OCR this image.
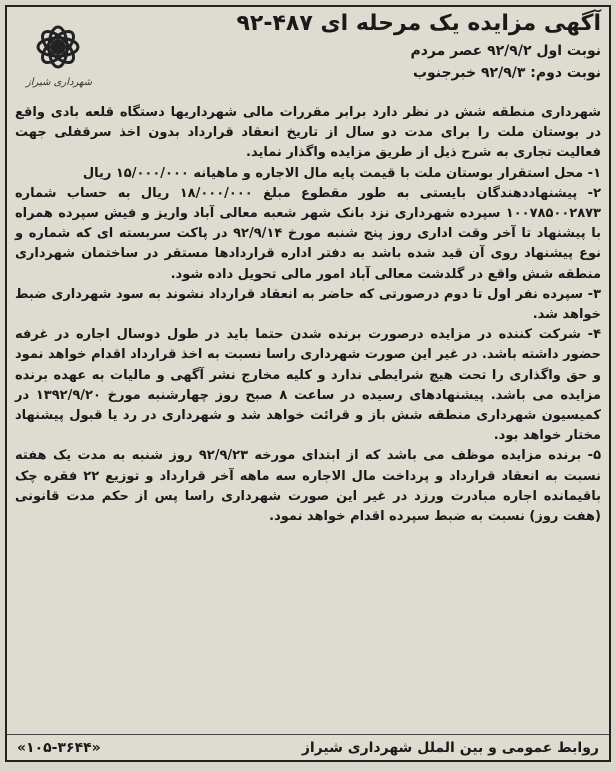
آگهی مزایده یک مرحله ای ۴۸۷-۹۲
نوبت اول ۹۲/۹/۲ عصر مردم
نوبت دوم: ۹۲/۹/۳ خبرجنوب
شهرداری شیراز

شهرداری منطقه شش در نظر دارد برابر مقررات مالی شهرداریها دستگاه قلعه بادی واقع در بوستان ملت را برای مدت دو سال از تاریخ انعقاد قرارداد بدون اخذ سرقفلی جهت فعالیت تجاری به شرح ذیل از طریق مزایده واگذار نماید.

۱- محل استقرار بوستان ملت با قیمت پایه مال الاجاره و ماهیانه ۱۵/۰۰۰/۰۰۰ ریال

۲- پیشنهاددهندگان بایستی به طور مقطوع مبلغ ۱۸/۰۰۰/۰۰۰ ریال به حساب شماره ۱۰۰۷۸۵۰۰۲۸۷۳ سپرده شهرداری نزد بانک شهر شعبه معالی آباد واریز و فیش سپرده همراه با پیشنهاد تا آخر وقت اداری روز پنج شنبه مورخ ۹۲/۹/۱۴ در پاکت سربسته ای که شماره و نوع پیشنهاد روی آن قید شده باشد به دفتر اداره قراردادها مستقر در ساختمان شهرداری منطقه شش واقع در گلدشت معالی آباد امور مالی تحویل داده شود.

۳- سپرده نفر اول تا دوم درصورتی که حاضر به انعقاد قرارداد نشوند به سود شهرداری ضبط خواهد شد.

۴- شرکت کننده در مزایده درصورت برنده شدن حتما باید در طول دوسال اجاره در غرفه حضور داشته باشد. در غیر این صورت شهرداری راسا نسبت به اخذ قرارداد اقدام خواهد نمود و حق واگذاری را تحت هیچ شرایطی ندارد و کلیه مخارج نشر آگهی و مالیات به عهده برنده مزایده می باشد. پیشنهادهای رسیده در ساعت ۸ صبح روز چهارشنبه مورخ ۱۳۹۲/۹/۲۰ در کمیسیون شهرداری منطقه شش باز و قرائت خواهد شد و شهرداری در رد یا قبول پیشنهاد مختار خواهد بود.

۵- برنده مزایده موظف می باشد که از ابتدای مورخه ۹۲/۹/۲۳ روز شنبه به مدت یک هفته نسبت به انعقاد قرارداد و پرداخت مال الاجاره سه ماهه آخر قرارداد و توزیع ۲۲ فقره چک باقیمانده اجاره مبادرت ورزد در غیر این صورت شهرداری راسا پس از حکم مدت قانونی (هفت روز) نسبت به ضبط سپرده اقدام خواهد نمود.

روابط عمومی و بین الملل شهرداری شیراز
«۱۰۵-۳۶۴۴»
